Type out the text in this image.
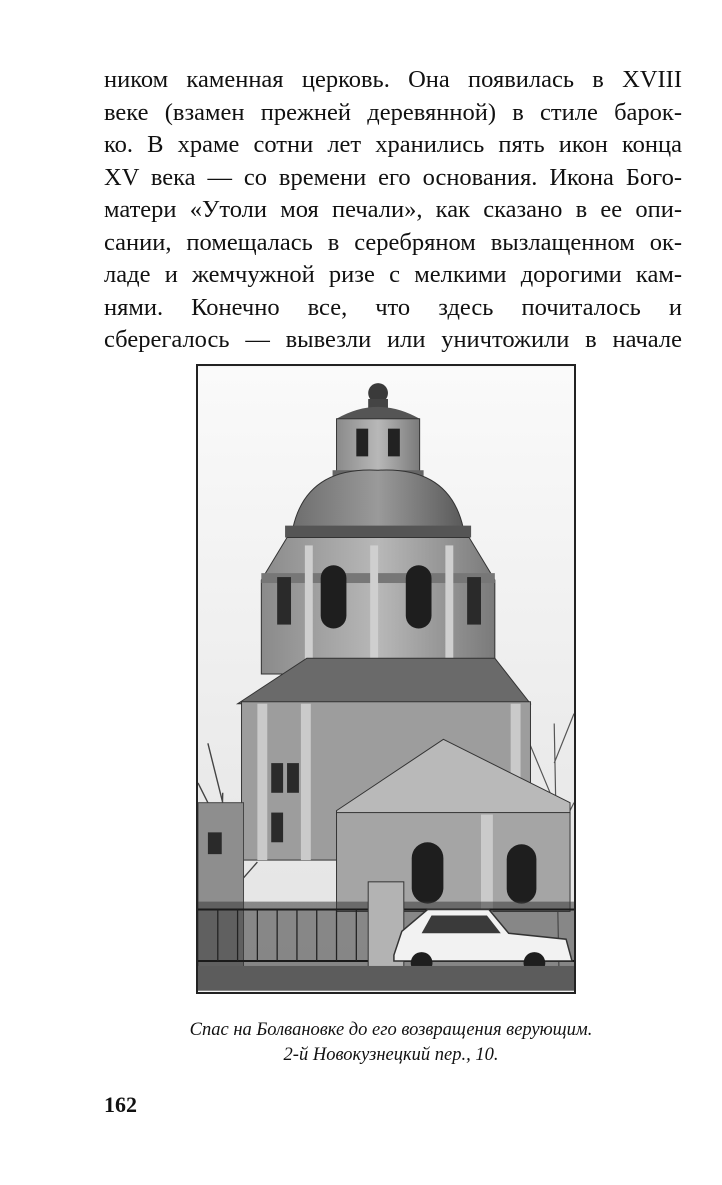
ником каменная церковь. Она появилась в XVIII
веке (взамен прежней деревянной) в стиле барок-
ко. В храме сотни лет хранились пять икон конца
XV века — со времени его основания. Икона Бого-
матери «Утоли моя печали», как сказано в ее опи-
сании, помещалась в серебряном вызлащенном ок-
ладе и жемчужной ризе с мелкими дорогими кам-
нями. Конечно все, что здесь почиталось и
сберегалось — вывезли или уничтожили в начале
Спас на Болвановке до его возвращения верующим.
2-й Новокузнецкий пер., 10.
162
